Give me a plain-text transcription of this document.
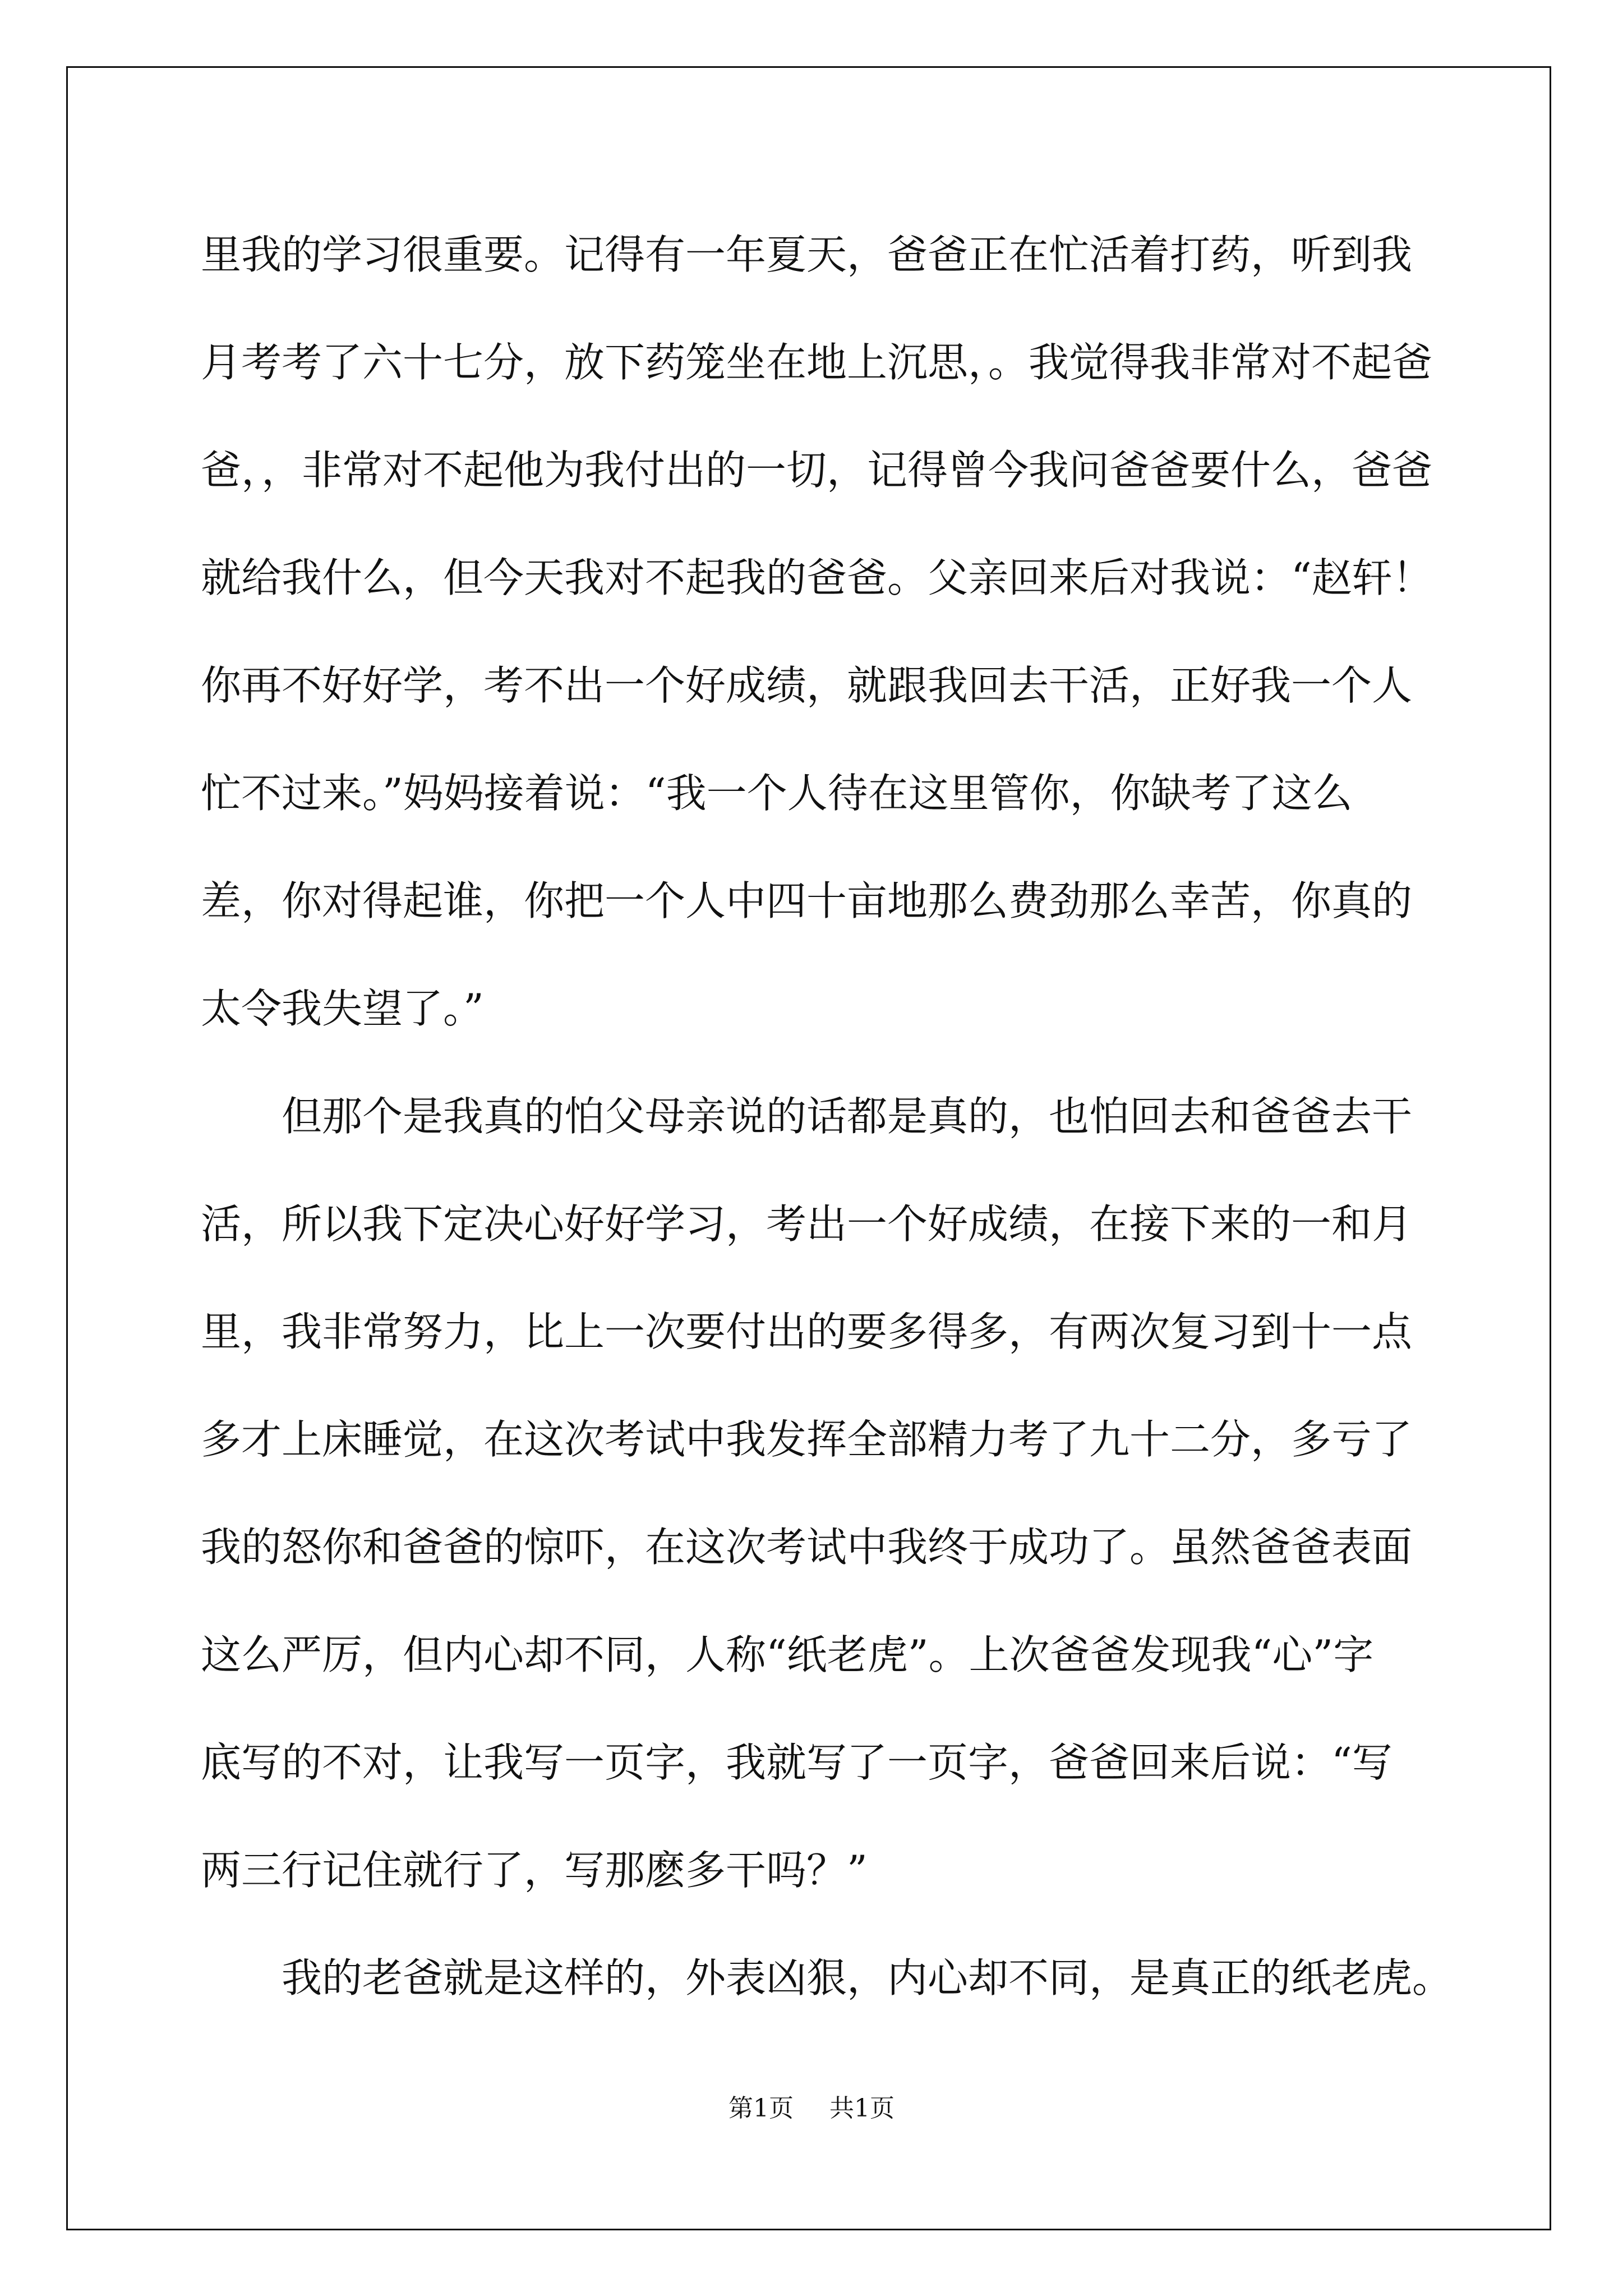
里我的学习很重要。记得有一年夏天，爸爸正在忙活着打药，听到我
月考考了六十七分，放下药笼坐在地上沉思，。我觉得我非常对不起爸
爸，，非常对不起他为我付出的一切，记得曾今我问爸爸要什么，爸爸
就给我什么，但今天我对不起我的爸爸。父亲回来后对我说：“赵轩！
你再不好好学，考不出一个好成绩，就跟我回去干活，正好我一个人
忙不过来。”妈妈接着说：“我一个人待在这里管你，你缺考了这么
差，你对得起谁，你把一个人中四十亩地那么费劲那么幸苦，你真的
太令我失望了。”
但那个是我真的怕父母亲说的话都是真的，也怕回去和爸爸去干
活，所以我下定决心好好学习，考出一个好成绩，在接下来的一和月
里，我非常努力，比上一次要付出的要多得多，有两次复习到十一点
多才上床睡觉，在这次考试中我发挥全部精力考了九十二分，多亏了
我的怒你和爸爸的惊吓，在这次考试中我终于成功了。虽然爸爸表面
这么严厉，但内心却不同，人称“纸老虎”。上次爸爸发现我“心”字
底写的不对，让我写一页字，我就写了一页字，爸爸回来后说：“写
两三行记住就行了，写那麽多干吗？”
我的老爸就是这样的，外表凶狠，内心却不同，是真正的纸老虎。
第1页 共1页
